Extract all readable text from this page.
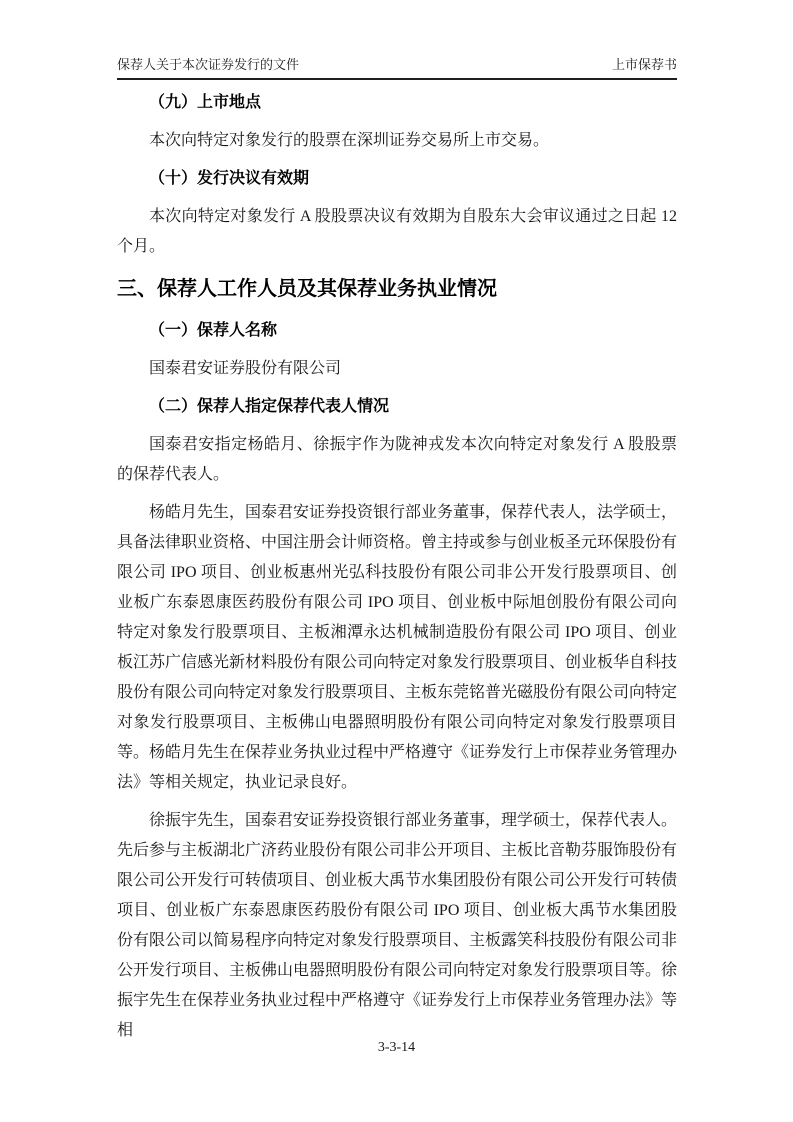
保荐人关于本次证券发行的文件	上市保荐书
（九）上市地点

本次向特定对象发行的股票在深圳证券交易所上市交易。

（十）发行决议有效期

本次向特定对象发行 A 股股票决议有效期为自股东大会审议通过之日起 12 个月。

三、保荐人工作人员及其保荐业务执业情况
（一）保荐人名称

国泰君安证券股份有限公司

（二）保荐人指定保荐代表人情况

国泰君安指定杨皓月、徐振宇作为陇神戎发本次向特定对象发行 A 股股票的保荐代表人。

杨皓月先生，国泰君安证券投资银行部业务董事，保荐代表人，法学硕士，具备法律职业资格、中国注册会计师资格。曾主持或参与创业板圣元环保股份有限公司 IPO 项目、创业板惠州光弘科技股份有限公司非公开发行股票项目、创业板广东泰恩康医药股份有限公司 IPO 项目、创业板中际旭创股份有限公司向特定对象发行股票项目、主板湘潭永达机械制造股份有限公司 IPO 项目、创业板江苏广信感光新材料股份有限公司向特定对象发行股票项目、创业板华自科技股份有限公司向特定对象发行股票项目、主板东莞铭普光磁股份有限公司向特定对象发行股票项目、主板佛山电器照明股份有限公司向特定对象发行股票项目等。杨皓月先生在保荐业务执业过程中严格遵守《证券发行上市保荐业务管理办法》等相关规定，执业记录良好。

徐振宇先生，国泰君安证券投资银行部业务董事，理学硕士，保荐代表人。先后参与主板湖北广济药业股份有限公司非公开项目、主板比音勒芬服饰股份有限公司公开发行可转债项目、创业板大禹节水集团股份有限公司公开发行可转债项目、创业板广东泰恩康医药股份有限公司 IPO 项目、创业板大禹节水集团股份有限公司以简易程序向特定对象发行股票项目、主板露笑科技股份有限公司非公开发行项目、主板佛山电器照明股份有限公司向特定对象发行股票项目等。徐振宇先生在保荐业务执业过程中严格遵守《证券发行上市保荐业务管理办法》等相

3-3-14
